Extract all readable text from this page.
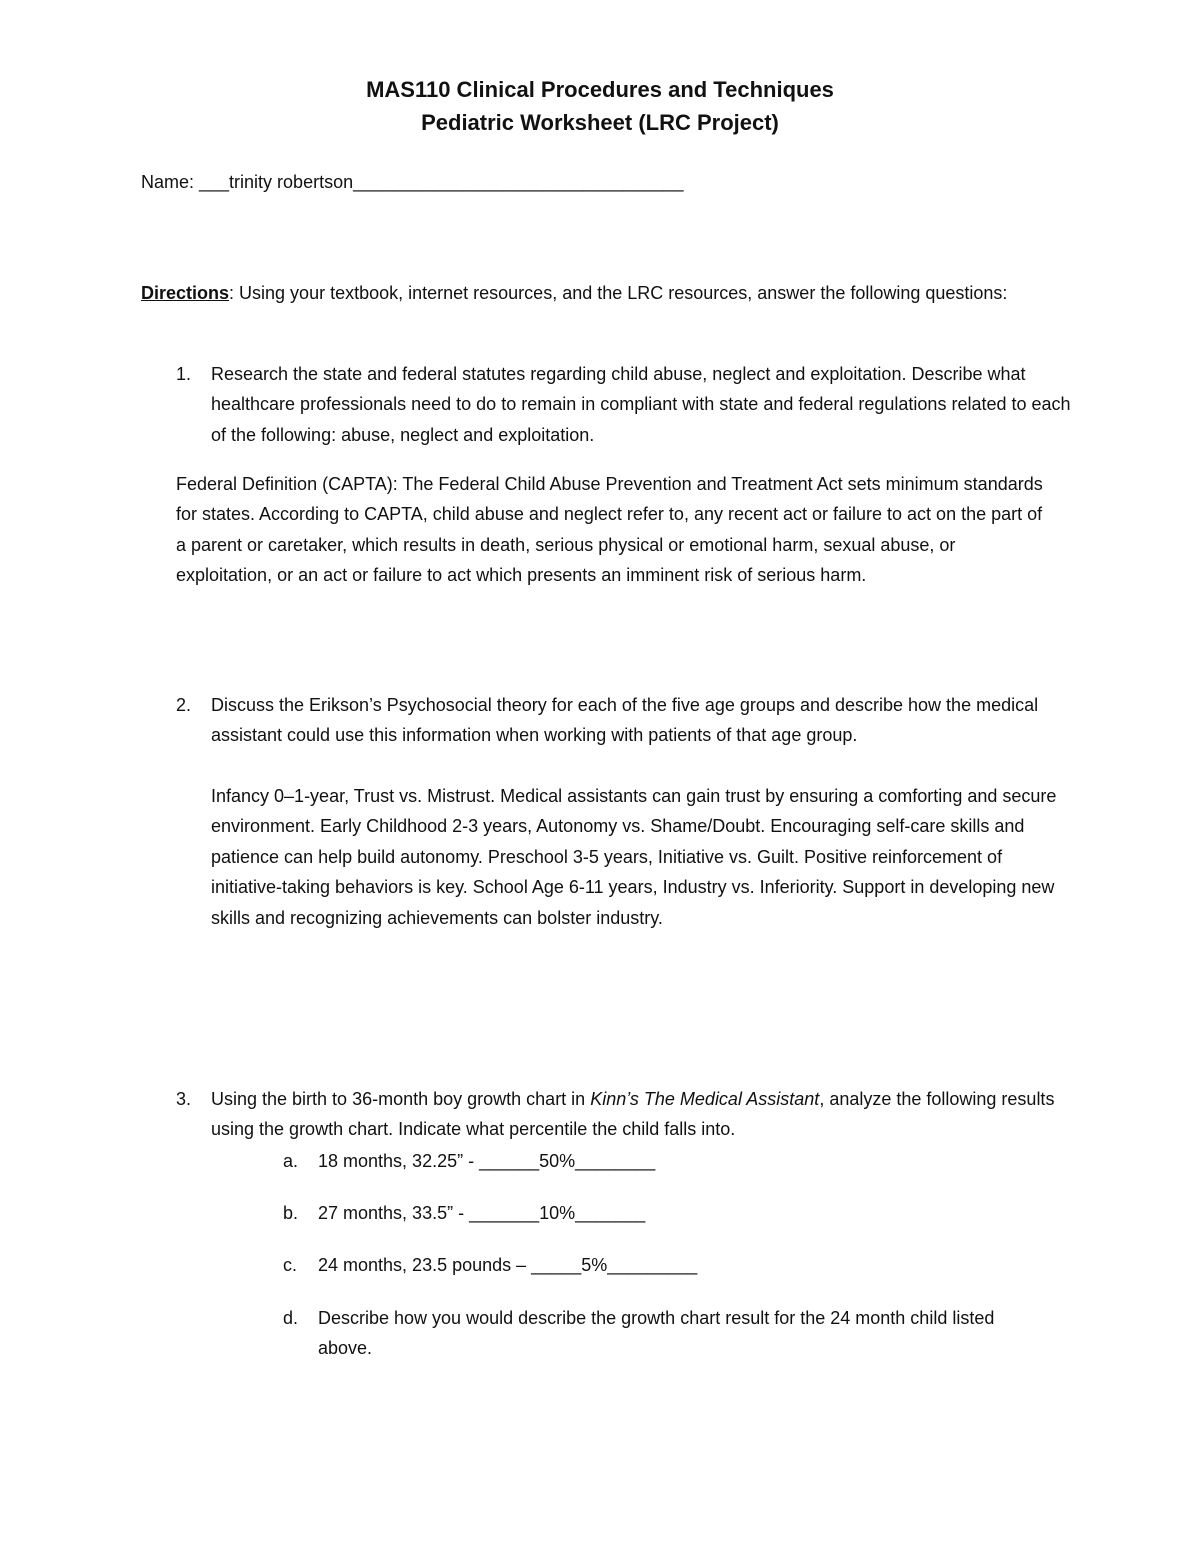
MAS110 Clinical Procedures and Techniques
Pediatric Worksheet (LRC Project)
Name: ___trinity robertson_________________________________
Directions: Using your textbook, internet resources, and the LRC resources, answer the following questions:
1. Research the state and federal statutes regarding child abuse, neglect and exploitation. Describe what healthcare professionals need to do to remain in compliant with state and federal regulations related to each of the following: abuse, neglect and exploitation.
Federal Definition (CAPTA): The Federal Child Abuse Prevention and Treatment Act sets minimum standards for states. According to CAPTA, child abuse and neglect refer to, any recent act or failure to act on the part of a parent or caretaker, which results in death, serious physical or emotional harm, sexual abuse, or exploitation, or an act or failure to act which presents an imminent risk of serious harm.
2. Discuss the Erikson’s Psychosocial theory for each of the five age groups and describe how the medical assistant could use this information when working with patients of that age group.
Infancy 0–1-year, Trust vs. Mistrust. Medical assistants can gain trust by ensuring a comforting and secure environment. Early Childhood 2-3 years, Autonomy vs. Shame/Doubt. Encouraging self-care skills and patience can help build autonomy. Preschool 3-5 years, Initiative vs. Guilt. Positive reinforcement of initiative-taking behaviors is key. School Age 6-11 years, Industry vs. Inferiority. Support in developing new skills and recognizing achievements can bolster industry.
3. Using the birth to 36-month boy growth chart in Kinn’s The Medical Assistant, analyze the following results using the growth chart. Indicate what percentile the child falls into.
a. 18 months, 32.25” - ______50%________
b. 27 months, 33.5” - _______10%_______
c. 24 months, 23.5 pounds – _____5%_________
d. Describe how you would describe the growth chart result for the 24 month child listed above.
